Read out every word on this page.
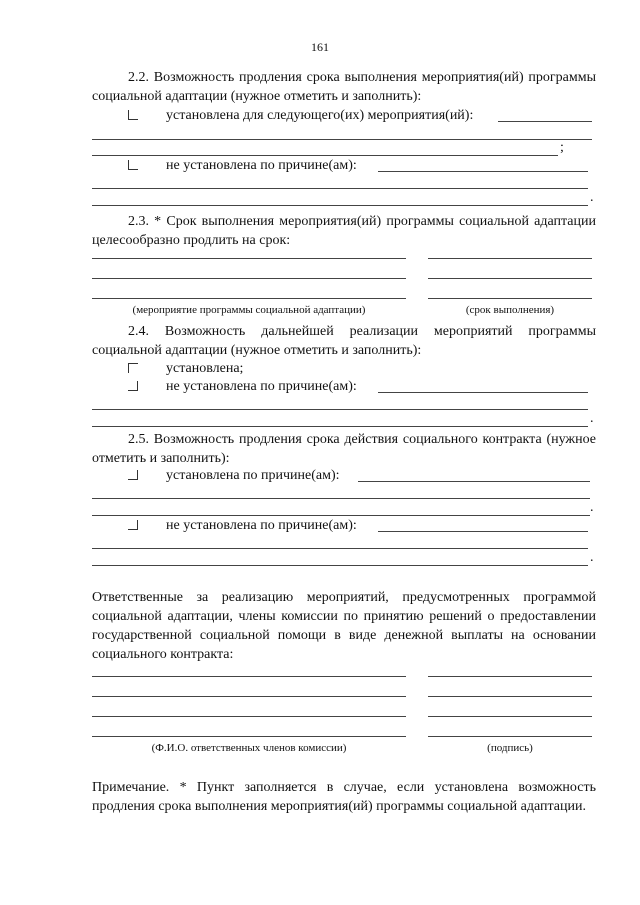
161
2.2. Возможность продления срока выполнения мероприятия(ий) программы социальной адаптации (нужное отметить и заполнить):
установлена для следующего(их) мероприятия(ий):
;
не установлена по причине(ам):
.
2.3. * Срок выполнения мероприятия(ий) программы социальной адаптации целесообразно продлить на срок:
(мероприятие программы социальной адаптации)	(срок выполнения)
2.4. Возможность дальнейшей реализации мероприятий программы социальной адаптации (нужное отметить и заполнить):
установлена;
не установлена по причине(ам):
.
2.5. Возможность продления срока действия социального контракта (нужное отметить и заполнить):
установлена по причине(ам):
.
не установлена по причине(ам):
.
Ответственные за реализацию мероприятий, предусмотренных программой социальной адаптации, члены комиссии по принятию решений о предоставлении государственной социальной помощи в виде денежной выплаты на основании социального контракта:
(Ф.И.О. ответственных членов комиссии)	(подпись)
Примечание. * Пункт заполняется в случае, если установлена возможность продления срока выполнения мероприятия(ий) программы социальной адаптации.
